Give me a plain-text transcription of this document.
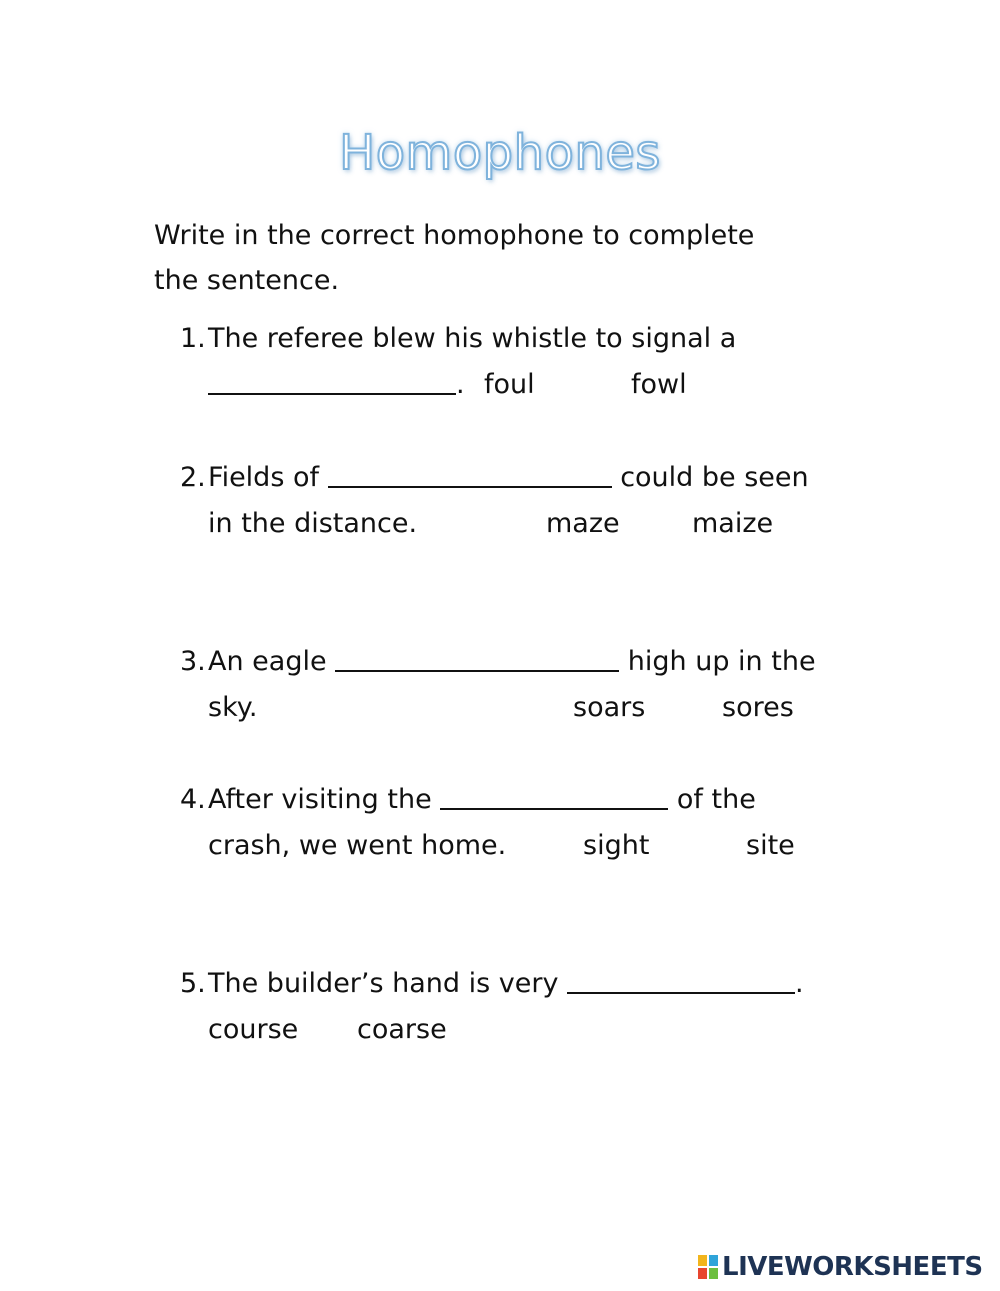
Homophones
Write in the correct homophone to complete
the sentence.
1. The referee blew his whistle to signal a
. foul	fowl
2. Fields of	could be seen
in the distance.	maze	maize
3. An eagle	high up in the
sky.	soars	sores
4. After visiting the	of the
crash, we went home.	sight	site
5. The builder’s hand is very	.
course coarse
LIVEWORKSHEETS
